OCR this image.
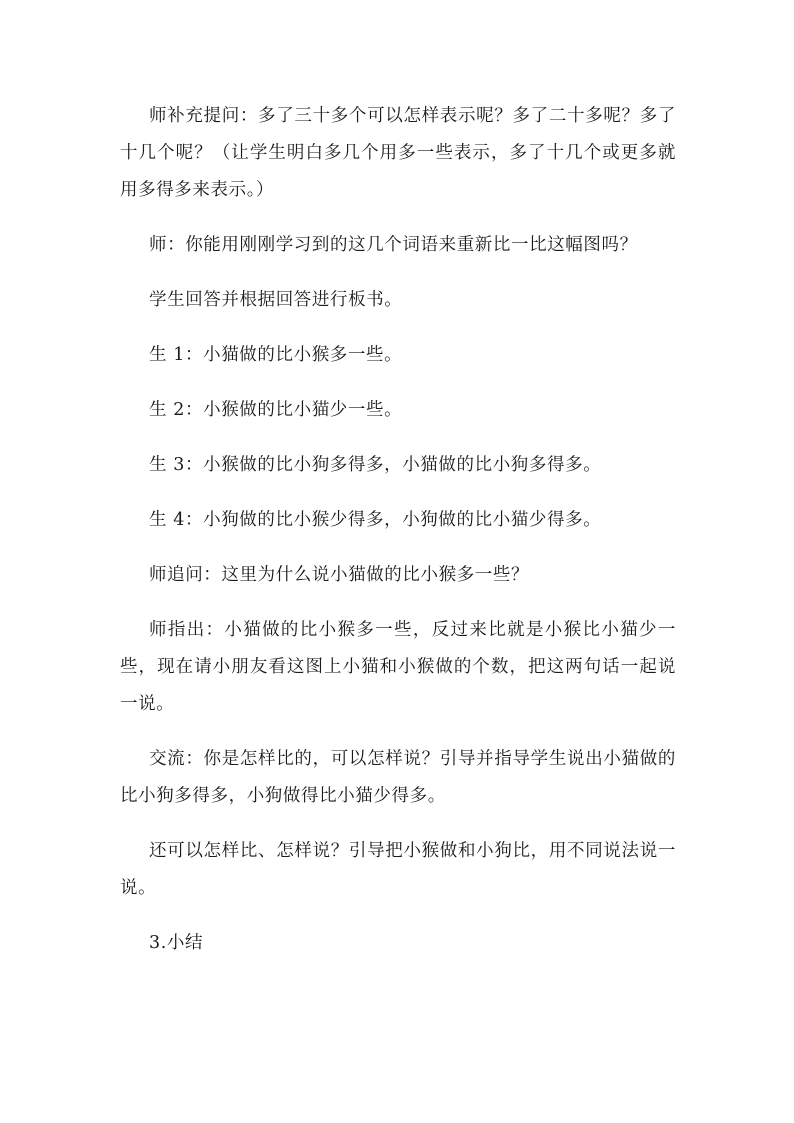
师补充提问：多了三十多个可以怎样表示呢？多了二十多呢？多了十几个呢？（让学生明白多几个用多一些表示，多了十几个或更多就用多得多来表示。）

师：你能用刚刚学习到的这几个词语来重新比一比这幅图吗？

学生回答并根据回答进行板书。

生 1：小猫做的比小猴多一些。

生 2：小猴做的比小猫少一些。

生 3：小猴做的比小狗多得多，小猫做的比小狗多得多。

生 4：小狗做的比小猴少得多，小狗做的比小猫少得多。

师追问：这里为什么说小猫做的比小猴多一些？

师指出：小猫做的比小猴多一些，反过来比就是小猴比小猫少一些，现在请小朋友看这图上小猫和小猴做的个数，把这两句话一起说一说。

交流：你是怎样比的，可以怎样说？引导并指导学生说出小猫做的比小狗多得多，小狗做得比小猫少得多。

还可以怎样比、怎样说？引导把小猴做和小狗比，用不同说法说一说。

3.小结
